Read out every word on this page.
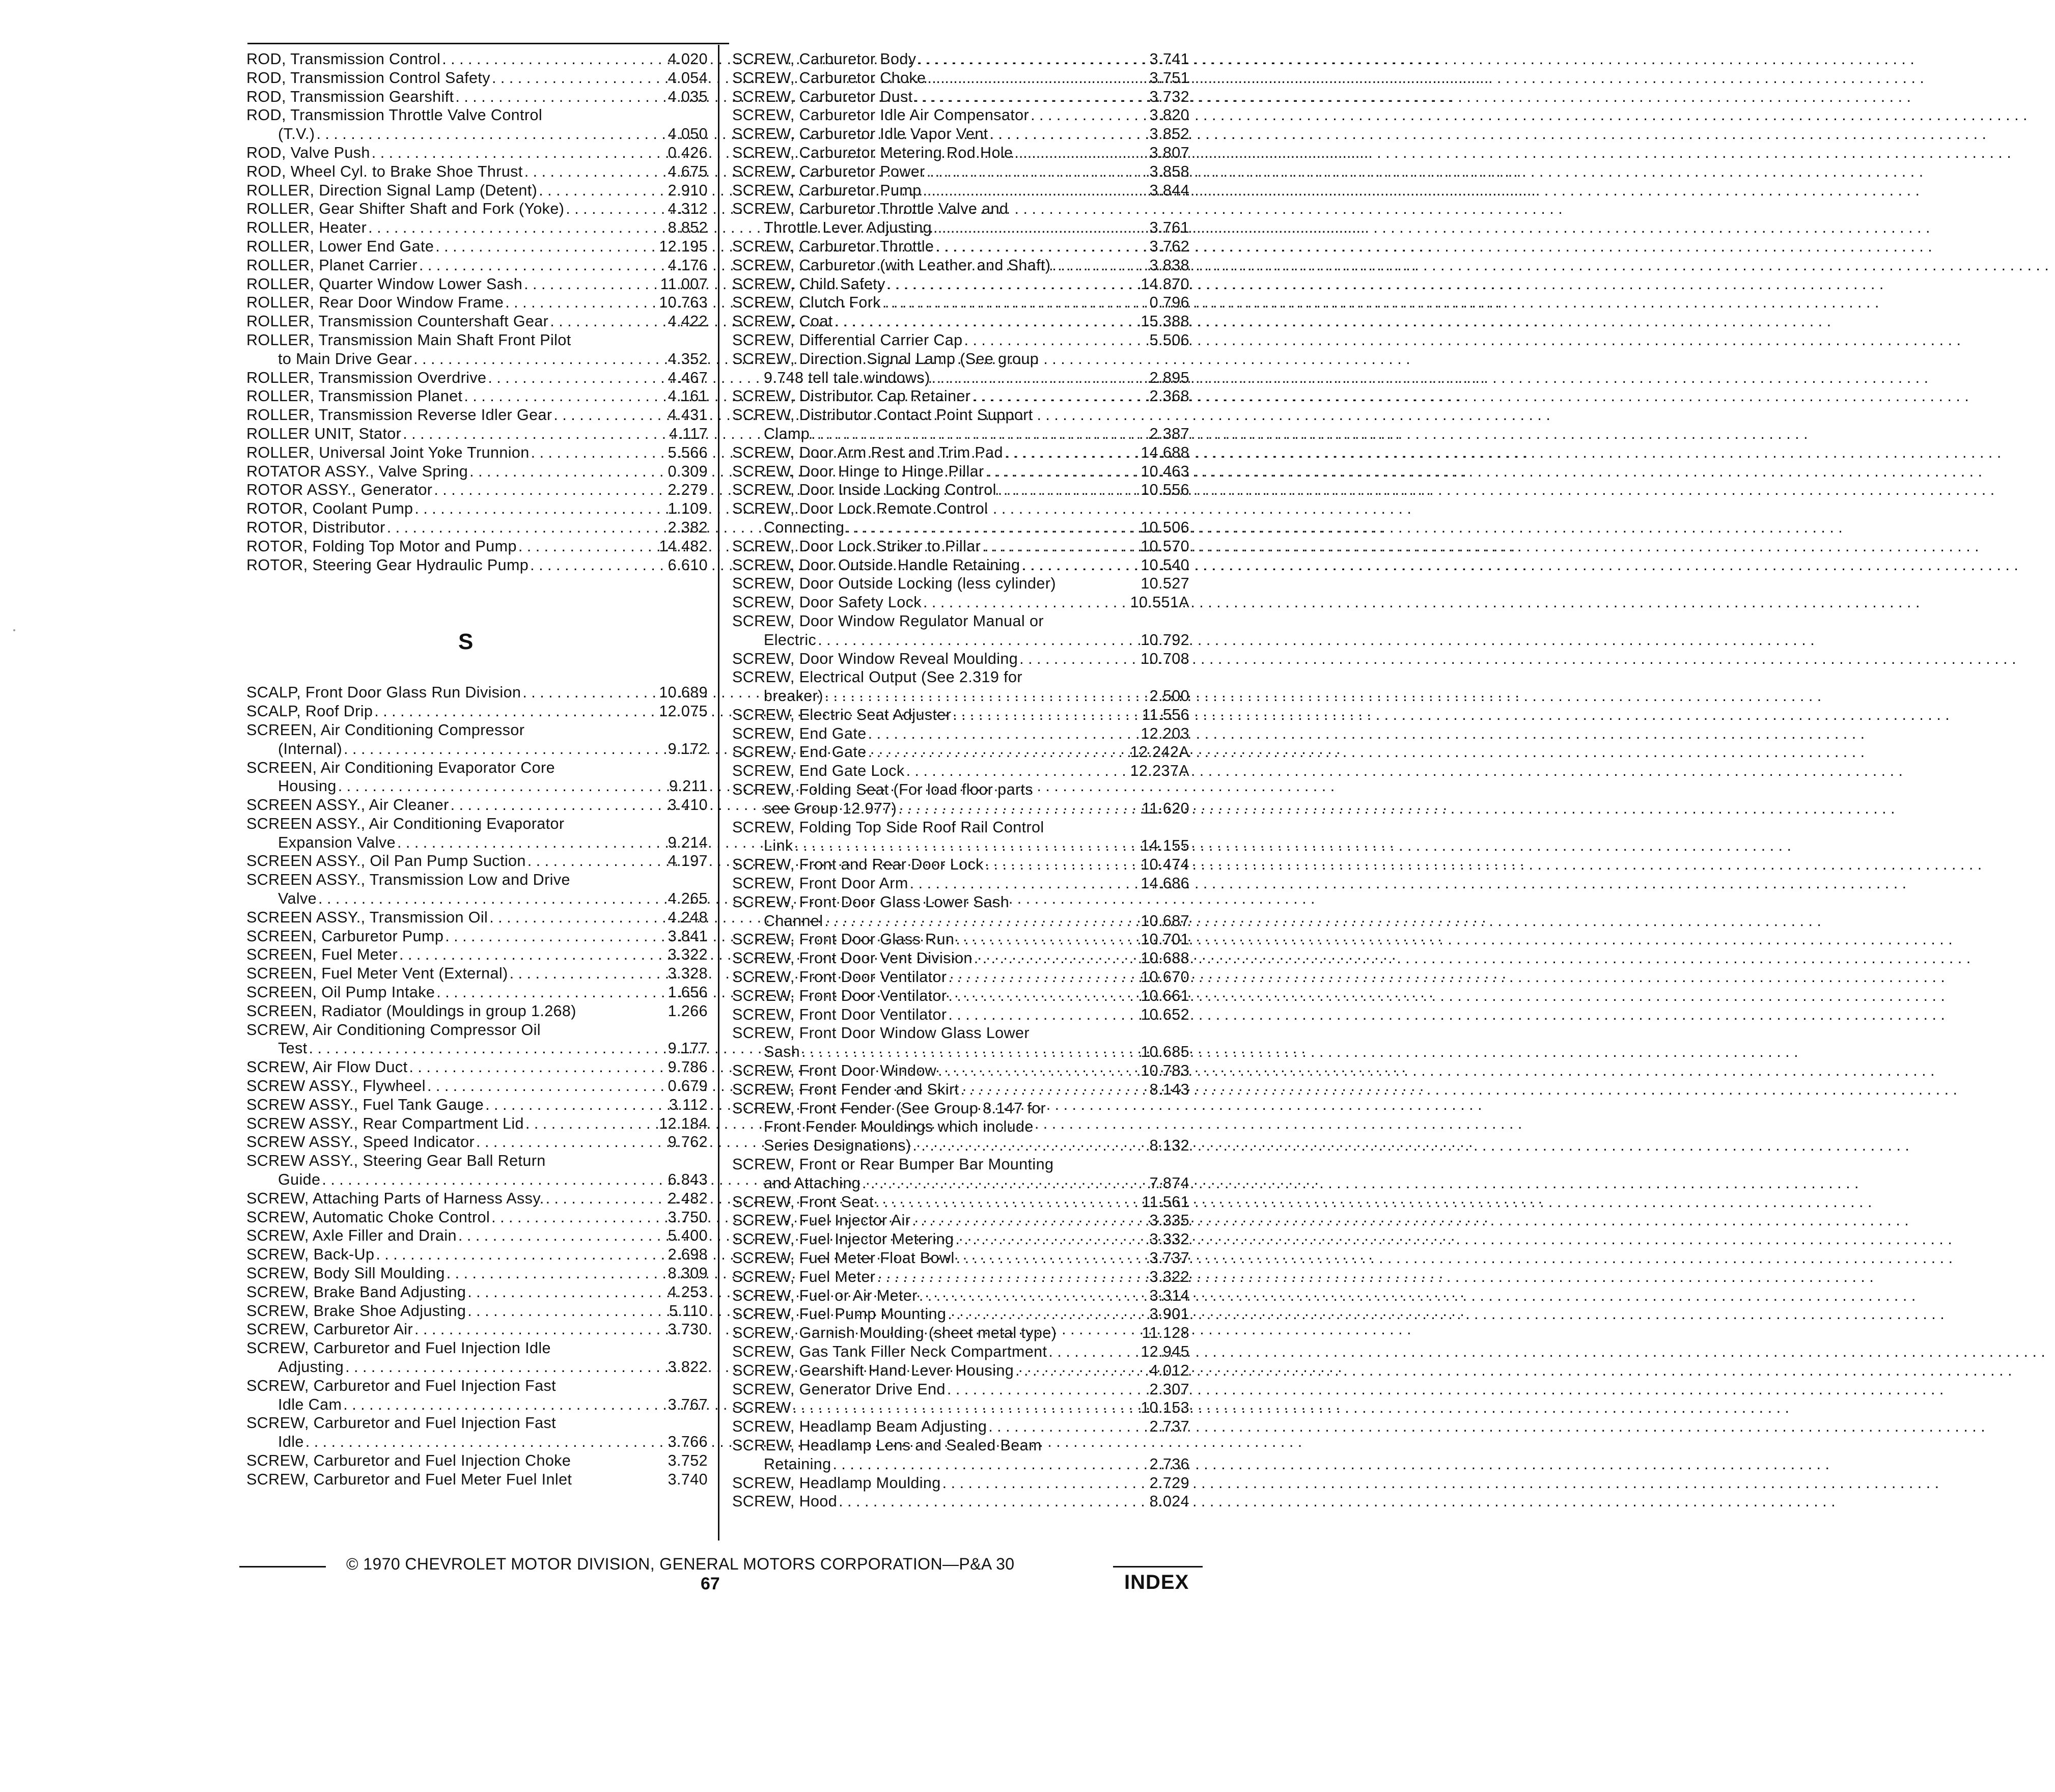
ROD, Transmission Control . . .	4.020
ROD, Transmission Control Safety . . .	4.054
ROD, Transmission Gearshift . . .	4.035
ROD, Transmission Throttle Valve Control
(T.V.) . . .	4.050
ROD, Valve Push . . .	0.426
ROD, Wheel Cyl. to Brake Shoe Thrust . . .	4.675
ROLLER, Direction Signal Lamp (Detent) . . .	2.910
ROLLER, Gear Shifter Shaft and Fork (Yoke) . . .	4.312
ROLLER, Heater . . .	8.852
ROLLER, Lower End Gate . . .	12.195
ROLLER, Planet Carrier . . .	4.176
ROLLER, Quarter Window Lower Sash . . .	11.007
ROLLER, Rear Door Window Frame . . .	10.763
ROLLER, Transmission Countershaft Gear . . .	4.422
ROLLER, Transmission Main Shaft Front Pilot
to Main Drive Gear . . .	4.352
ROLLER, Transmission Overdrive . . .	4.467
ROLLER, Transmission Planet . . .	4.161
ROLLER, Transmission Reverse Idler Gear . . .	4.431
ROLLER UNIT, Stator . . .	4.117
ROLLER, Universal Joint Yoke Trunnion . . .	5.566
ROTATOR ASSY., Valve Spring . . .	0.309
ROTOR ASSY., Generator . . .	2.279
ROTOR, Coolant Pump . . .	1.109
ROTOR, Distributor . . .	2.382
ROTOR, Folding Top Motor and Pump . . .	14.482
ROTOR, Steering Gear Hydraulic Pump . . .	6.610
SCALP, Front Door Glass Run Division . . .	10.689
SCALP, Roof Drip . . .	12.075
SCREEN, Air Conditioning Compressor
(Internal) . . .	9.172
SCREEN, Air Conditioning Evaporator Core
Housing . . .	9.211
SCREEN ASSY., Air Cleaner . . .	3.410
SCREEN ASSY., Air Conditioning Evaporator
Expansion Valve . . .	9.214
SCREEN ASSY., Oil Pan Pump Suction . . .	4.197
SCREEN ASSY., Transmission Low and Drive
Valve . . .	4.265
SCREEN ASSY., Transmission Oil . . .	4.248
SCREEN, Carburetor Pump . . .	3.841
SCREEN, Fuel Meter . . .	3.322
SCREEN, Fuel Meter Vent (External) . . .	3.328
SCREEN, Oil Pump Intake . . .	1.656
SCREEN, Radiator (Mouldings in group 1.268)	1.266
SCREW, Air Conditioning Compressor Oil
Test . . .	9.177
SCREW, Air Flow Duct . . .	9.786
SCREW ASSY., Flywheel . . .	0.679
SCREW ASSY., Fuel Tank Gauge . . .	3.112
SCREW ASSY., Rear Compartment Lid . . .	12.184
SCREW ASSY., Speed Indicator . . .	9.762
SCREW ASSY., Steering Gear Ball Return
Guide . . .	6.843
SCREW, Attaching Parts of Harness Assy. . . .	2.482
SCREW, Automatic Choke Control . . .	3.750
SCREW, Axle Filler and Drain . . .	5.400
SCREW, Back-Up . . .	2.698
SCREW, Body Sill Moulding . . .	8.309
SCREW, Brake Band Adjusting . . .	4.253
SCREW, Brake Shoe Adjusting . . .	5.110
SCREW, Carburetor Air . . .	3.730
SCREW, Carburetor and Fuel Injection Idle
Adjusting . . .	3.822
SCREW, Carburetor and Fuel Injection Fast
Idle Cam . . .	3.767
SCREW, Carburetor and Fuel Injection Fast
Idle . . .	3.766
SCREW, Carburetor and Fuel Injection Choke	3.752
SCREW, Carburetor and Fuel Meter Fuel Inlet	3.740
S
SCREW, Carburetor Body . . .	3.741
SCREW, Carburetor Choke . . .	3.751
SCREW, Carburetor Dust . . .	3.732
SCREW, Carburetor Idle Air Compensator . . .	3.820
SCREW, Carburetor Idle Vapor Vent . . .	3.852
SCREW, Carburetor Metering Rod Hole . . .	3.807
SCREW, Carburetor Power . . .	3.858
SCREW, Carburetor Pump . . .	3.844
SCREW, Carburetor Throttle Valve and
Throttle Lever Adjusting . . .	3.761
SCREW, Carburetor Throttle . . .	3.762
SCREW, Carburetor (with Leather and Shaft) . . .	3.838
SCREW, Child Safety . . .	14.870
SCREW, Clutch Fork . . .	0.796
SCREW, Coat . . .	15.388
SCREW, Differential Carrier Cap . . .	5.506
SCREW, Direction Signal Lamp (See group
9.748 tell tale windows) . . .	2.895
SCREW, Distributor Cap Retainer . . .	2.368
SCREW, Distributor Contact Point Support
Clamp . . .	2.387
SCREW, Door Arm Rest and Trim Pad . . .	14.688
SCREW, Door Hinge to Hinge Pillar . . .	10.463
SCREW, Door Inside Locking Control . . .	10.556
SCREW, Door Lock Remote Control
Connecting . . .	10.506
SCREW, Door Lock Striker to Pillar . . .	10.570
SCREW, Door Outside Handle Retaining . . .	10.540
SCREW, Door Outside Locking (less cylinder)	10.527
SCREW, Door Safety Lock . . .	10.551A
SCREW, Door Window Regulator Manual or
Electric . . .	10.792
SCREW, Door Window Reveal Moulding . . .	10.708
SCREW, Electrical Output (See 2.319 for
breaker) . . .	2.500
SCREW, Electric Seat Adjuster . . .	11.556
SCREW, End Gate . . .	12.203
SCREW, End Gate . . .	12.242A
SCREW, End Gate Lock . . .	12.237A
SCREW, Folding Seat (For load floor parts
see Group 12.977) . . .	11.620
SCREW, Folding Top Side Roof Rail Control
Link . . .	14.155
SCREW, Front and Rear Door Lock . . .	10.474
SCREW, Front Door Arm . . .	14.686
SCREW, Front Door Glass Lower Sash
Channel . . .	10.687
SCREW, Front Door Glass Run . . .	10.701
SCREW, Front Door Vent Division . . .	10.688
SCREW, Front Door Ventilator . . .	10.670
SCREW, Front Door Ventilator . . .	10.661
SCREW, Front Door Ventilator . . .	10.652
SCREW, Front Door Window Glass Lower
Sash . . .	10.685
SCREW, Front Door Window . . .	10.783
SCREW, Front Fender and Skirt . . .	8.143
SCREW, Front Fender (See Group 8.147 for
Front Fender Mouldings which include
Series Designations) . . .	8.132
SCREW, Front or Rear Bumper Bar Mounting
and Attaching . . .	7.874
SCREW, Front Seat . . .	11.561
SCREW, Fuel Injector Air . . .	3.335
SCREW, Fuel Injector Metering . . .	3.332
SCREW, Fuel Meter Float Bowl . . .	3.737
SCREW, Fuel Meter . . .	3.322
SCREW, Fuel or Air Meter . . .	3.314
SCREW, Fuel Pump Mounting . . .	3.901
SCREW, Garnish Moulding (sheet metal type)	11.128
SCREW, Gas Tank Filler Neck Compartment . . .	12.945
SCREW, Gearshift Hand Lever Housing . . .	4.012
SCREW, Generator Drive End . . .	2.307
SCREW . . .	10.153
SCREW, Headlamp Beam Adjusting . . .	2.737
SCREW, Headlamp Lens and Sealed Beam
Retaining . . .	2.736
SCREW, Headlamp Moulding . . .	2.729
SCREW, Hood . . .	8.024
© 1970 CHEVROLET MOTOR DIVISION, GENERAL MOTORS CORPORATION—P&A 30
67	INDEX
